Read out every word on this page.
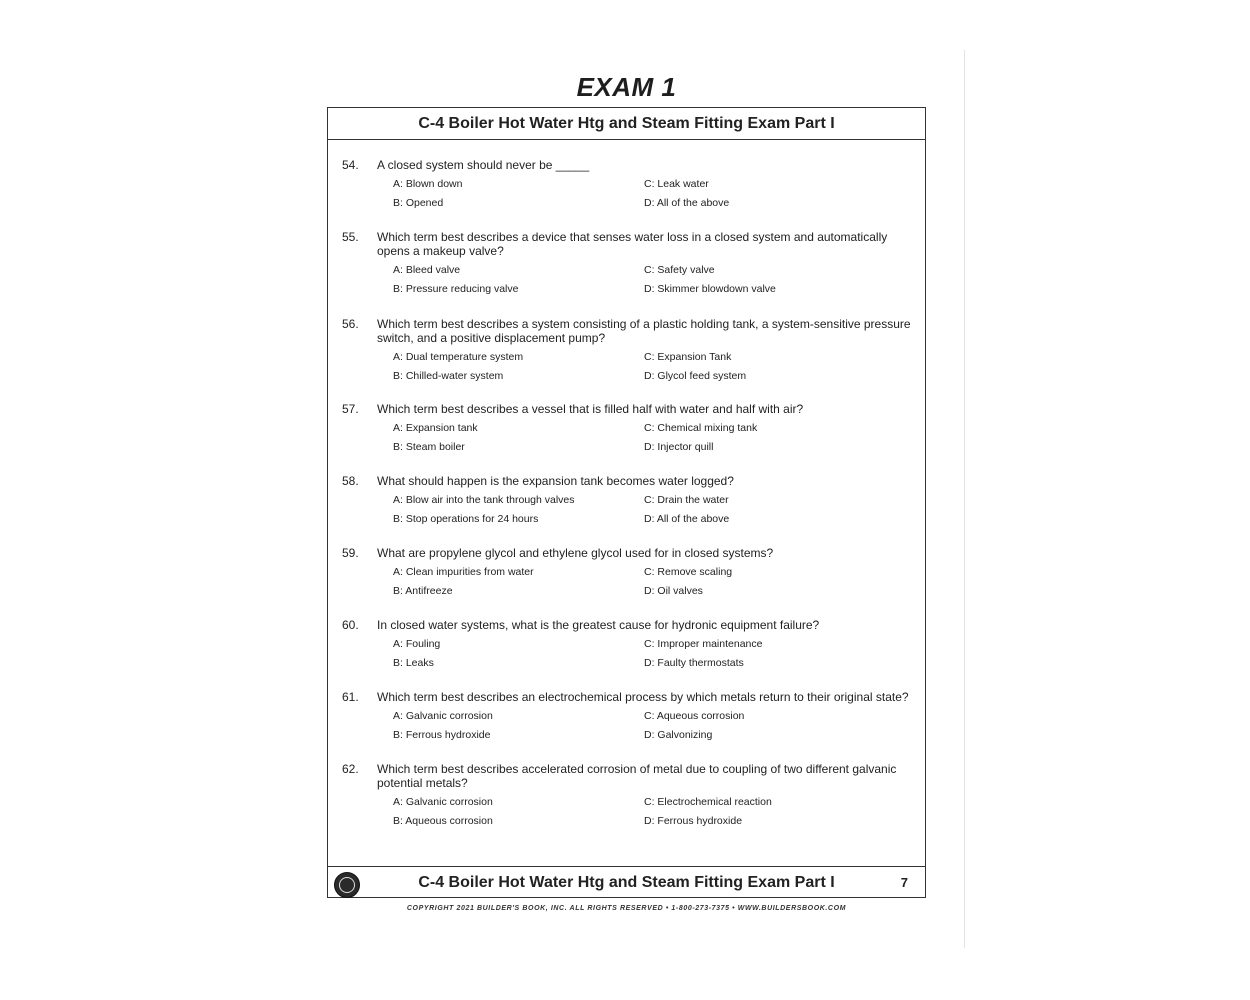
EXAM 1
C-4 Boiler Hot Water Htg and Steam Fitting Exam Part I
54. A closed system should never be _____
A: Blown down	C: Leak water
B: Opened	D: All of the above
55. Which term best describes a device that senses water loss in a closed system and automatically opens a makeup valve?
A: Bleed valve	C: Safety valve
B: Pressure reducing valve	D: Skimmer blowdown valve
56. Which term best describes a system consisting of a plastic holding tank, a system-sensitive pressure switch, and a positive displacement pump?
A: Dual temperature system	C: Expansion Tank
B: Chilled-water system	D: Glycol feed system
57. Which term best describes a vessel that is filled half with water and half with air?
A: Expansion tank	C: Chemical mixing tank
B: Steam boiler	D: Injector quill
58. What should happen is the expansion tank becomes water logged?
A: Blow air into the tank through valves	C: Drain the water
B: Stop operations for 24 hours	D: All of the above
59. What are propylene glycol and ethylene glycol used for in closed systems?
A: Clean impurities from water	C: Remove scaling
B: Antifreeze	D: Oil valves
60. In closed water systems, what is the greatest cause for hydronic equipment failure?
A: Fouling	C: Improper maintenance
B: Leaks	D: Faulty thermostats
61. Which term best describes an electrochemical process by which metals return to their original state?
A: Galvanic corrosion	C: Aqueous corrosion
B: Ferrous hydroxide	D: Galvonizing
62. Which term best describes accelerated corrosion of metal due to coupling of two different galvanic potential metals?
A: Galvanic corrosion	C: Electrochemical reaction
B: Aqueous corrosion	D: Ferrous hydroxide
C-4 Boiler Hot Water Htg and Steam Fitting Exam Part I	7
COPYRIGHT 2021 BUILDER'S BOOK, INC. ALL RIGHTS RESERVED • 1-800-273-7375 • WWW.BUILDERSBOOK.COM
